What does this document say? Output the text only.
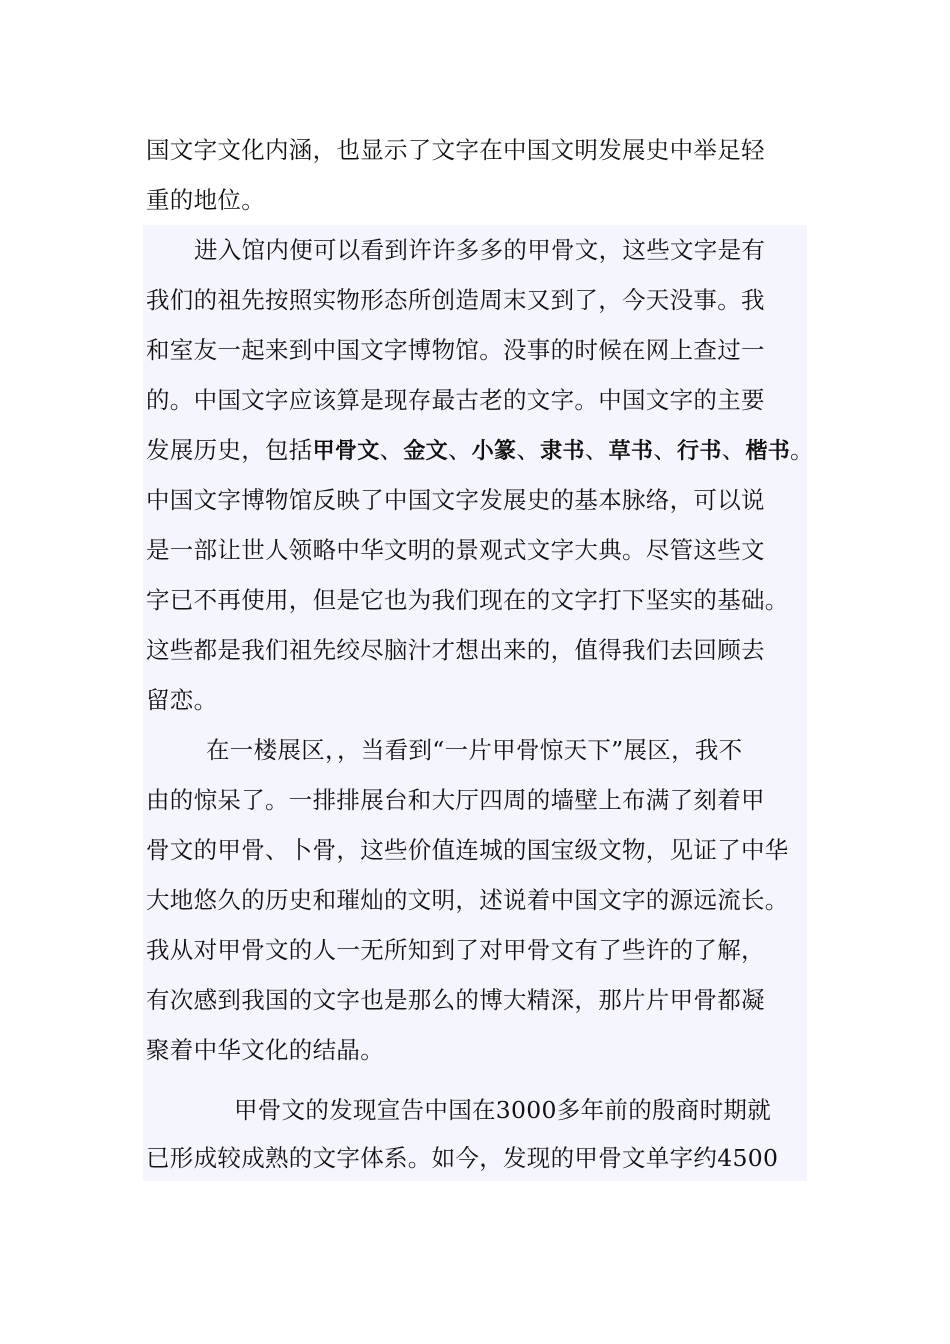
国文字文化内涵，也显示了文字在中国文明发展史中举足轻
重的地位。
进入馆内便可以看到许许多多的甲骨文，这些文字是有
我们的祖先按照实物形态所创造周末又到了，今天没事。我
和室友一起来到中国文字博物馆。没事的时候在网上查过一
的。中国文字应该算是现存最古老的文字。中国文字的主要
发展历史，包括甲骨文、金文、小篆、隶书、草书、行书、楷书。
中国文字博物馆反映了中国文字发展史的基本脉络，可以说
是一部让世人领略中华文明的景观式文字大典。尽管这些文
字已不再使用，但是它也为我们现在的文字打下坚实的基础。
这些都是我们祖先绞尽脑汁才想出来的，值得我们去回顾去
留恋。
在一楼展区，，当看到“一片甲骨惊天下”展区，我不
由的惊呆了。一排排展台和大厅四周的墙壁上布满了刻着甲
骨文的甲骨、卜骨，这些价值连城的国宝级文物，见证了中华
大地悠久的历史和璀灿的文明，述说着中国文字的源远流长。
我从对甲骨文的人一无所知到了对甲骨文有了些许的了解，
有次感到我国的文字也是那么的博大精深，那片片甲骨都凝
聚着中华文化的结晶。
甲骨文的发现宣告中国在3000多年前的殷商时期就
已形成较成熟的文字体系。如今，发现的甲骨文单字约4500
